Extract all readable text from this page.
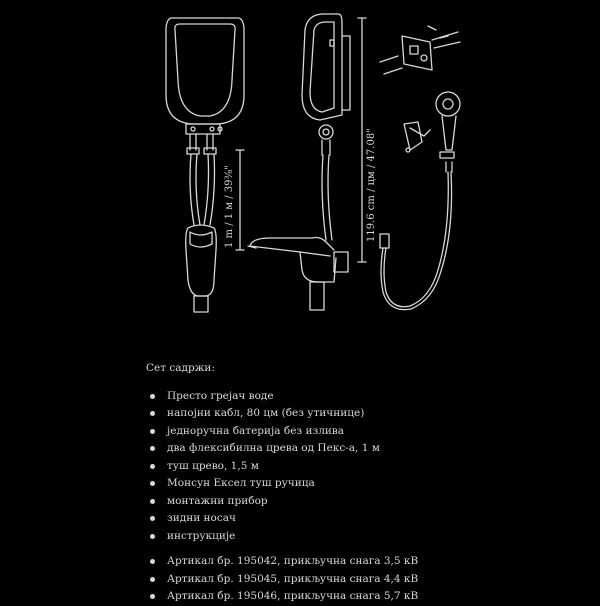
1 m / 1 м / 39³⁄₈"	119.6 cm / цм / 47.08"
Сет садржи:
Престо грејач воде
напојни кабл, 80 цм (без утичнице)
једноручна батерија без излива
два флексибилна црева од Пекс-а, 1 м
туш црево, 1,5 м
Монсун Ексел туш ручица
монтажни прибор
зидни носач
инструкције
Артикал бр. 195042, прикључна снага 3,5 кВ
Артикал бр. 195045, прикључна снага 4,4 кВ
Артикал бр. 195046, прикључна снага 5,7 кВ
